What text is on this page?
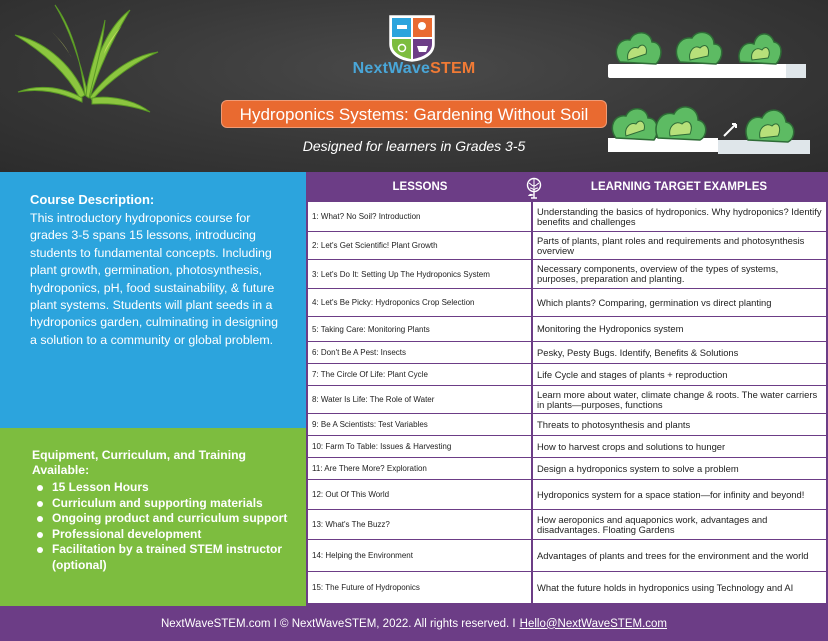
NextWaveSTEM
Hydroponics Systems: Gardening Without Soil
Designed for learners in Grades 3-5
Course Description:

This introductory hydroponics course for grades 3-5 spans 15 lessons, introducing students to fundamental concepts. Including plant growth, germination, photosynthesis, hydroponics, pH, food sustainability, & future plant systems. Students will plant seeds in a hydroponics garden, culminating in designing a solution to a community or global problem.

Equipment, Curriculum, and Training Available:
15 Lesson Hours
Curriculum and supporting materials
Ongoing product and curriculum support
Professional development
Facilitation by a trained STEM instructor (optional)
LESSONS	LEARNING TARGET EXAMPLES
1: What? No Soil? Introduction	Understanding the basics of hydroponics. Why hydroponics? Identify benefits and challenges
2: Let's Get Scientific! Plant Growth	Parts of plants, plant roles and requirements and photosynthesis overview
3: Let's Do It: Setting Up The Hydroponics System	Necessary components, overview of the types of systems, purposes, preparation and planting.
4: Let's Be Picky: Hydroponics Crop Selection	Which plants? Comparing, germination vs direct planting
5: Taking Care: Monitoring Plants	Monitoring the Hydroponics system
6: Don't Be A Pest: Insects	Pesky, Pesty Bugs. Identify, Benefits & Solutions
7: The Circle Of Life: Plant Cycle	Life Cycle and stages of plants + reproduction
8: Water Is Life: The Role of Water	Learn more about water, climate change & roots. The water carriers in plants—purposes, functions
9: Be A Scientists: Test Variables	Threats to photosynthesis and plants
10: Farm To Table: Issues & Harvesting	How to harvest crops and solutions to hunger
11: Are There More? Exploration	Design a hydroponics system to solve a problem
12: Out Of This World	Hydroponics system for a space station—for infinity and beyond!
13: What's The Buzz?	How aeroponics and aquaponics work, advantages and disadvantages. Floating Gardens
14: Helping the Environment	Advantages of plants and trees for the environment and the world
15: The Future of Hydroponics	What the future holds in hydroponics using Technology and AI
NextWaveSTEM.com I © NextWaveSTEM, 2022. All rights reserved. I Hello@NextWaveSTEM.com
